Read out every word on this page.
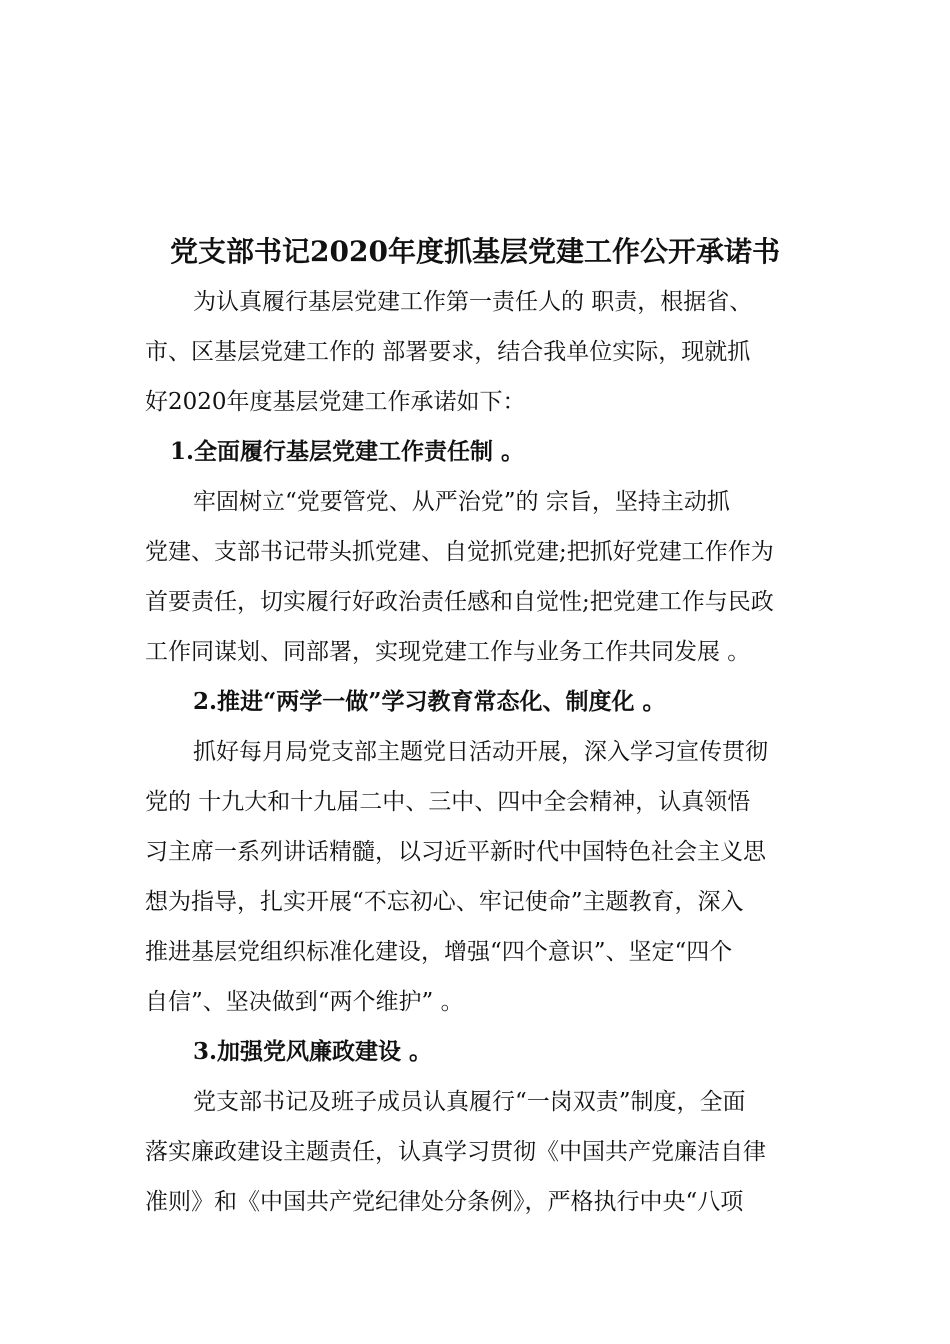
党支部书记2020年度抓基层党建工作公开承诺书
为认真履行基层党建工作第一责任人的 职责，根据省、
市、区基层党建工作的 部署要求，结合我单位实际，现就抓
好2020年度基层党建工作承诺如下：
1.全面履行基层党建工作责任制 。
牢固树立“党要管党、从严治党”的 宗旨，坚持主动抓
党建、支部书记带头抓党建、自觉抓党建;把抓好党建工作作为
首要责任，切实履行好政治责任感和自觉性;把党建工作与民政
工作同谋划、同部署，实现党建工作与业务工作共同发展 。
2.推进“两学一做”学习教育常态化、制度化 。
抓好每月局党支部主题党日活动开展，深入学习宣传贯彻
党的 十九大和十九届二中、三中、四中全会精神，认真领悟
习主席一系列讲话精髓，以习近平新时代中国特色社会主义思
想为指导，扎实开展“不忘初心、牢记使命”主题教育，深入
推进基层党组织标准化建设，增强“四个意识”、坚定“四个
自信”、坚决做到“两个维护” 。
3.加强党风廉政建设 。
党支部书记及班子成员认真履行“一岗双责”制度，全面
落实廉政建设主题责任，认真学习贯彻《中国共产党廉洁自律
准则》和《中国共产党纪律处分条例》，严格执行中央“八项
